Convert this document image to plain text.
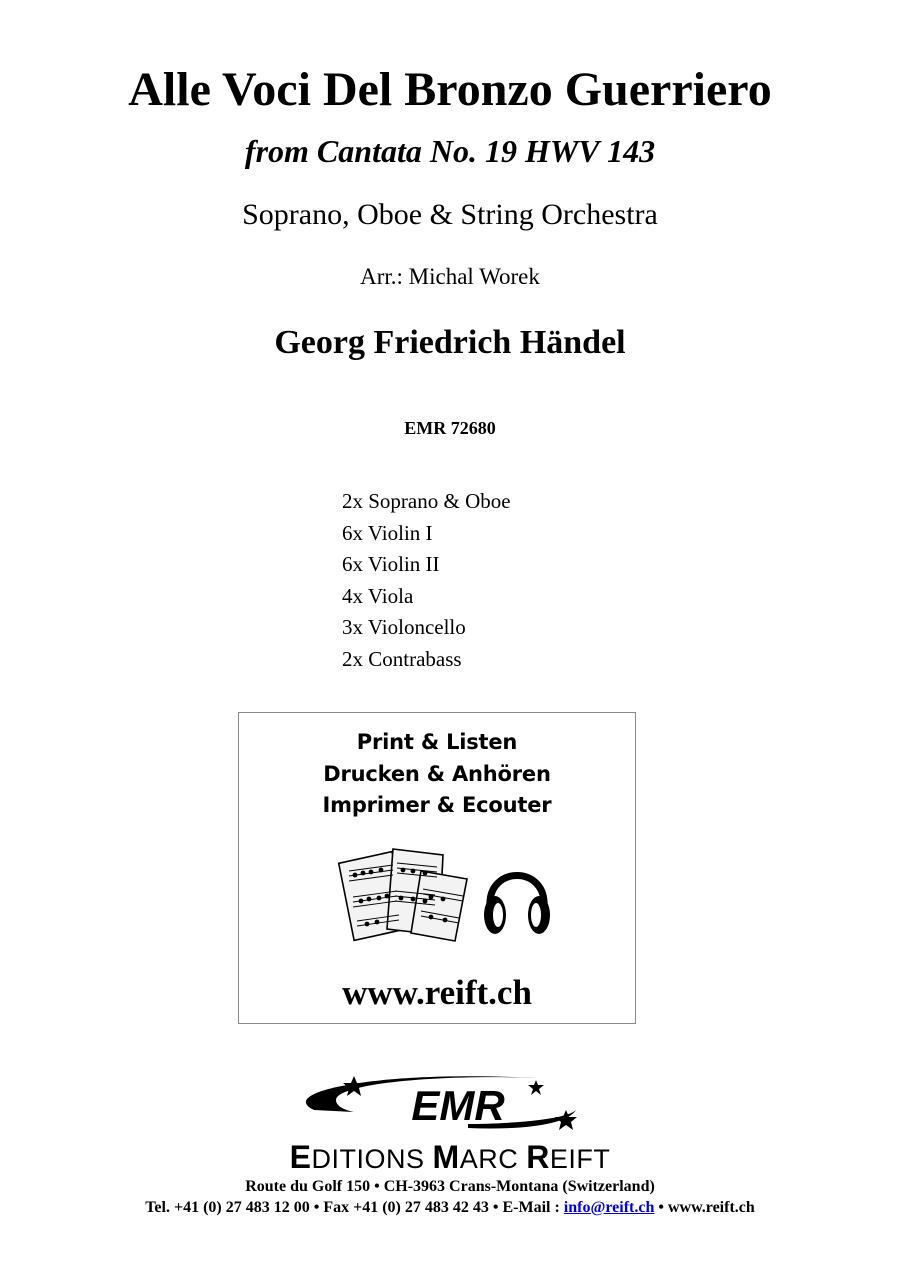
Alle Voci Del Bronzo Guerriero
from Cantata No. 19 HWV 143
Soprano, Oboe & String Orchestra
Arr.: Michal Worek
Georg Friedrich Händel
EMR 72680
2x Soprano & Oboe
6x Violin I
6x Violin II
4x Viola
3x Violoncello
2x Contrabass
Print & Listen
Drucken & Anhören
Imprimer & Ecouter
www.reift.ch
EMR
EDITIONS MARC REIFT
Route du Golf 150 • CH-3963 Crans-Montana (Switzerland)
Tel. +41 (0) 27 483 12 00 • Fax +41 (0) 27 483 42 43 • E-Mail : info@reift.ch • www.reift.ch
